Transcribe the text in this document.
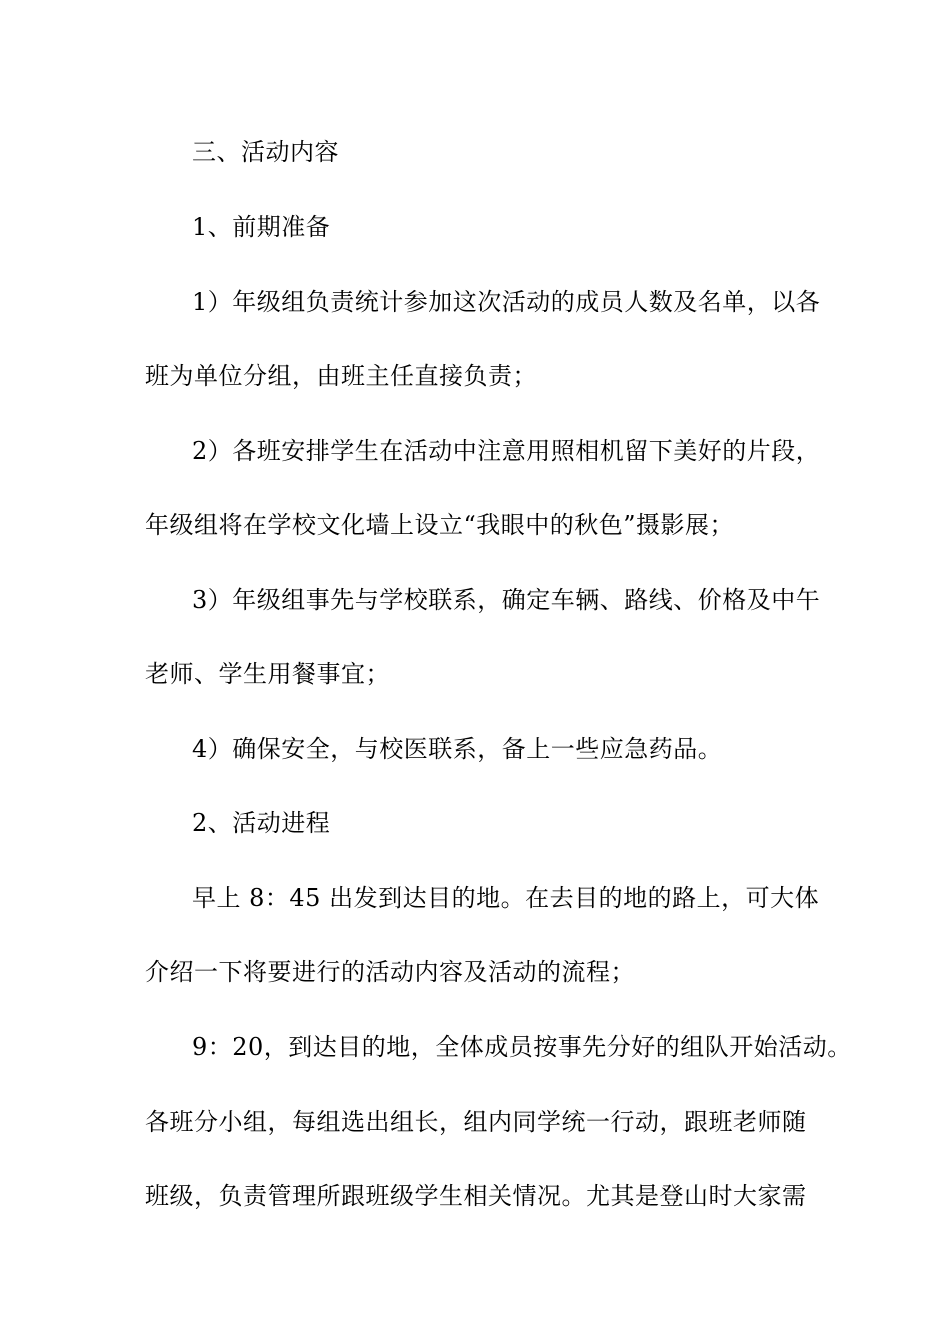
三、活动内容
1、前期准备
1）年级组负责统计参加这次活动的成员人数及名单，以各
班为单位分组，由班主任直接负责；
2）各班安排学生在活动中注意用照相机留下美好的片段，
年级组将在学校文化墙上设立“我眼中的秋色”摄影展；
3）年级组事先与学校联系，确定车辆、路线、价格及中午
老师、学生用餐事宜；
4）确保安全，与校医联系，备上一些应急药品。
2、活动进程
早上 8：45 出发到达目的地。在去目的地的路上，可大体
介绍一下将要进行的活动内容及活动的流程；
9：20，到达目的地，全体成员按事先分好的组队开始活动。
各班分小组，每组选出组长，组内同学统一行动，跟班老师随
班级，负责管理所跟班级学生相关情况。尤其是登山时大家需
